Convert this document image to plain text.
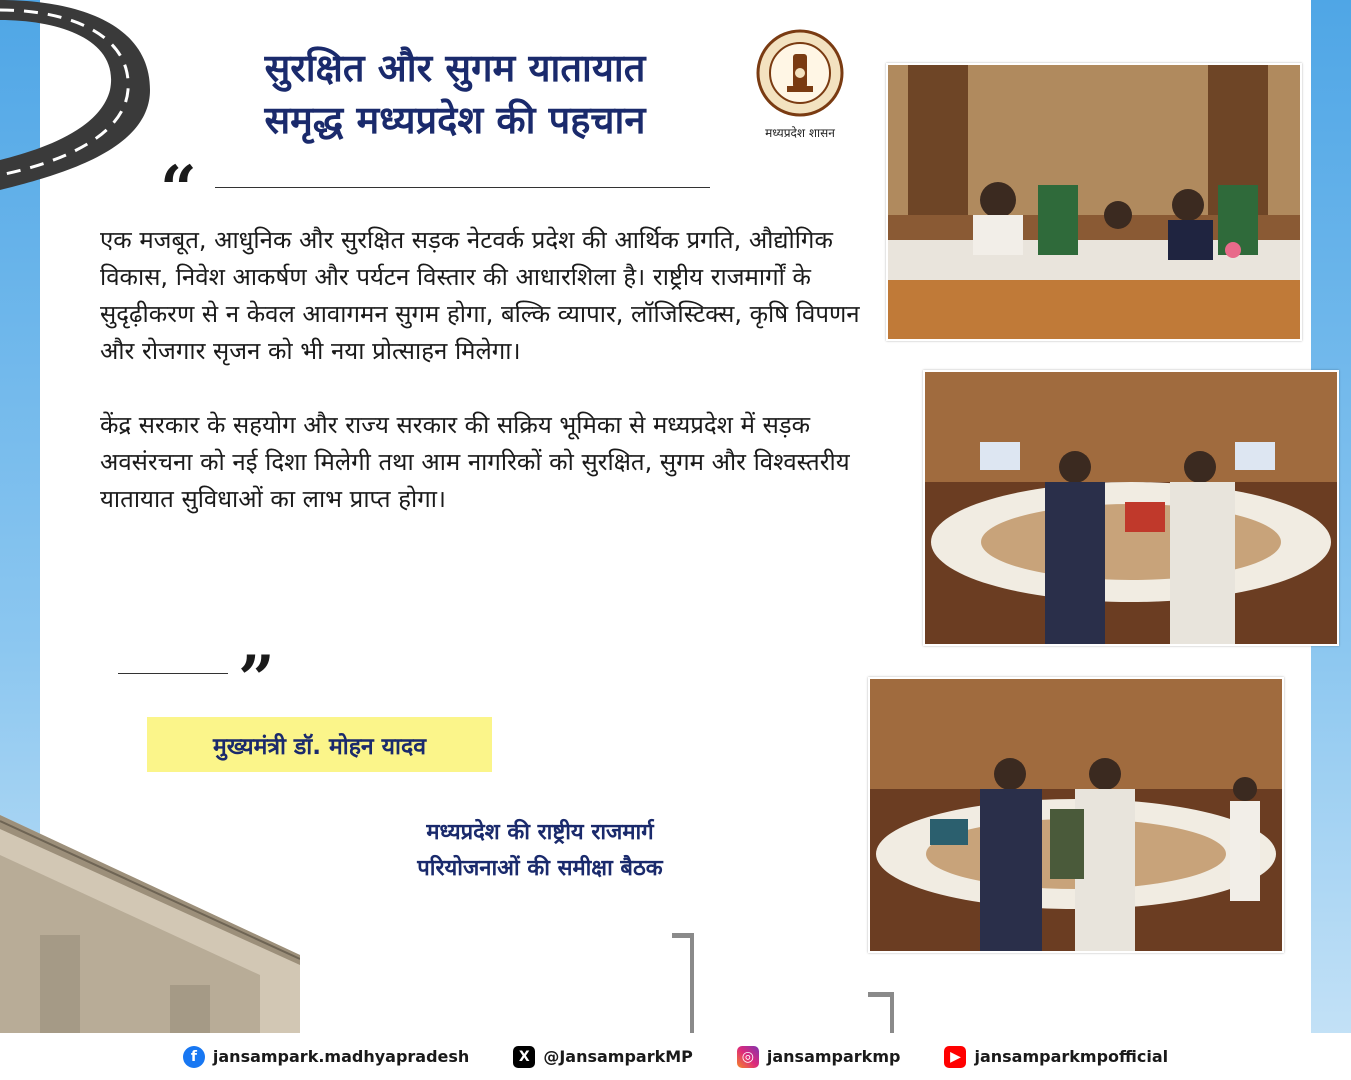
सुरक्षित और सुगम यातायात
समृद्ध मध्यप्रदेश की पहचान	मध्यप्रदेश शासन
“

एक मजबूत, आधुनिक और सुरक्षित सड़क नेटवर्क प्रदेश की आर्थिक प्रगति, औद्योगिक विकास, निवेश आकर्षण और पर्यटन विस्तार की आधारशिला है। राष्ट्रीय राजमार्गों के सुदृढ़ीकरण से न केवल आवागमन सुगम होगा, बल्कि व्यापार, लॉजिस्टिक्स, कृषि विपणन और रोजगार सृजन को भी नया प्रोत्साहन मिलेगा।

केंद्र सरकार के सहयोग और राज्य सरकार की सक्रिय भूमिका से मध्यप्रदेश में सड़क अवसंरचना को नई दिशा मिलेगी तथा आम नागरिकों को सुरक्षित, सुगम और विश्वस्तरीय यातायात सुविधाओं का लाभ प्राप्त होगा।

”
मुख्यमंत्री डॉ. मोहन यादव
मध्यप्रदेश की राष्ट्रीय राजमार्ग
परियोजनाओं की समीक्षा बैठक
f jansampark.madhyapradesh	X @JansamparkMP	◎ jansamparkmp	▶ jansamparkmpofficial
